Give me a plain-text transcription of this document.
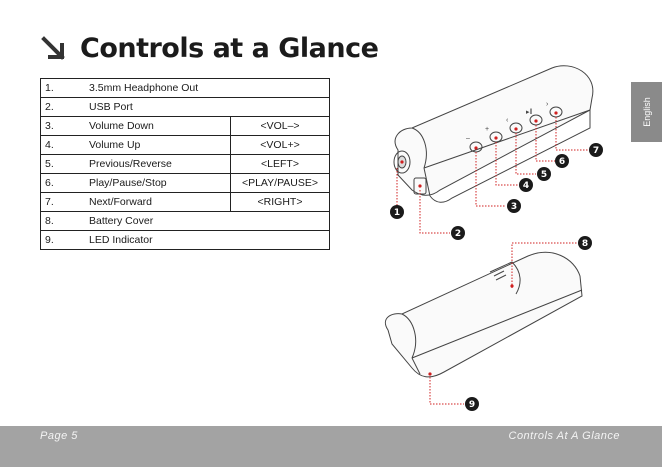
Controls at a Glance
1.	3.5mm Headphone Out	
2.	USB Port	
3.	Volume Down	<VOL–>
4.	Volume Up	<VOL+>
5.	Previous/Reverse	<LEFT>
6.	Play/Pause/Stop	<PLAY/PAUSE>
7.	Next/Forward	<RIGHT>
8.	Battery Cover	
9.	LED Indicator	
English
–
+
‹
▸‖
›
1
2
3
4
5
6
7
8
9
Page 5	Controls At A Glance
